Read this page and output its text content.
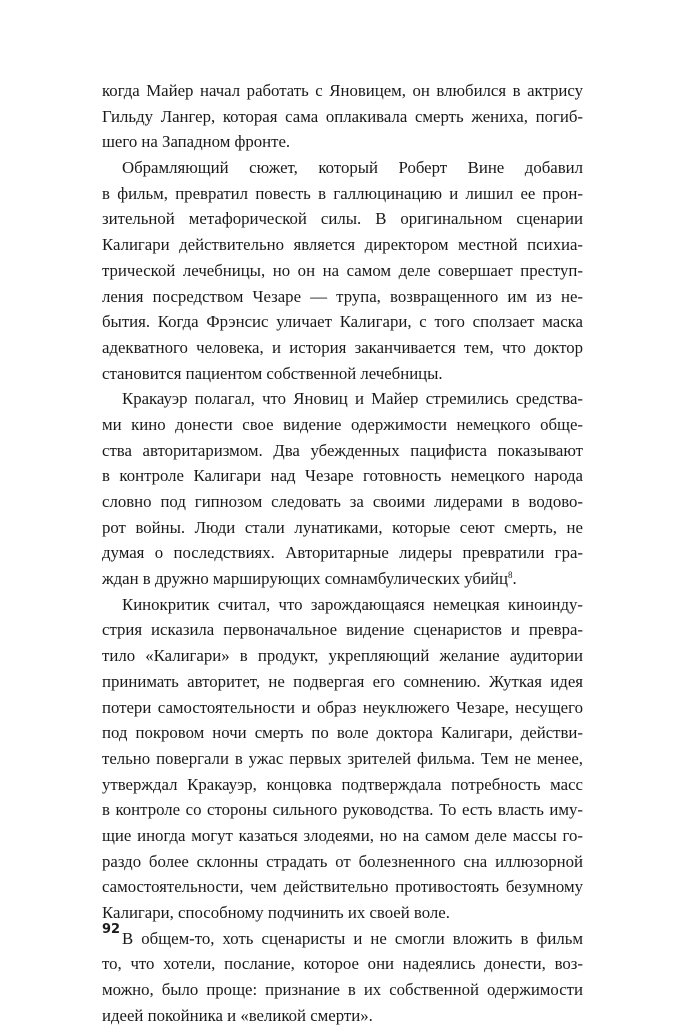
когда Майер начал работать с Яновицем, он влюбился в актрису
Гильду Лангер, которая сама оплакивала смерть жениха, погиб-
шего на Западном фронте.

Обрамляющий сюжет, который Роберт Вине добавил
в фильм, превратил повесть в галлюцинацию и лишил ее прон-
зительной метафорической силы. В оригинальном сценарии
Калигари действительно является директором местной психиа-
трической лечебницы, но он на самом деле совершает преступ-
ления посредством Чезаре — трупа, возвращенного им из не-
бытия. Когда Фрэнсис уличает Калигари, с того сползает маска
адекватного человека, и история заканчивается тем, что доктор
становится пациентом собственной лечебницы.

Кракауэр полагал, что Яновиц и Майер стремились средства-
ми кино донести свое видение одержимости немецкого обще-
ства авторитаризмом. Два убежденных пацифиста показывают
в контроле Калигари над Чезаре готовность немецкого народа
словно под гипнозом следовать за своими лидерами в водово-
рот войны. Люди стали лунатиками, которые сеют смерть, не
думая о последствиях. Авторитарные лидеры превратили гра-
ждан в дружно марширующих сомнамбулических убийц$^8$.

Кинокритик считал, что зарождающаяся немецкая киноинду-
стрия исказила первоначальное видение сценаристов и превра-
тило «Калигари» в продукт, укрепляющий желание аудитории
принимать авторитет, не подвергая его сомнению. Жуткая идея
потери самостоятельности и образ неуклюжего Чезаре, несущего
под покровом ночи смерть по воле доктора Калигари, действи-
тельно повергали в ужас первых зрителей фильма. Тем не менее,
утверждал Кракауэр, концовка подтверждала потребность масс
в контроле со стороны сильного руководства. То есть власть иму-
щие иногда могут казаться злодеями, но на самом деле массы го-
раздо более склонны страдать от болезненного сна иллюзорной
самостоятельности, чем действительно противостоять безумному
Калигари, способному подчинить их своей воле.

В общем-то, хоть сценаристы и не смогли вложить в фильм
то, что хотели, послание, которое они надеялись донести, воз-
можно, было проще: признание в их собственной одержимости
идеей покойника и «великой смерти».

92
